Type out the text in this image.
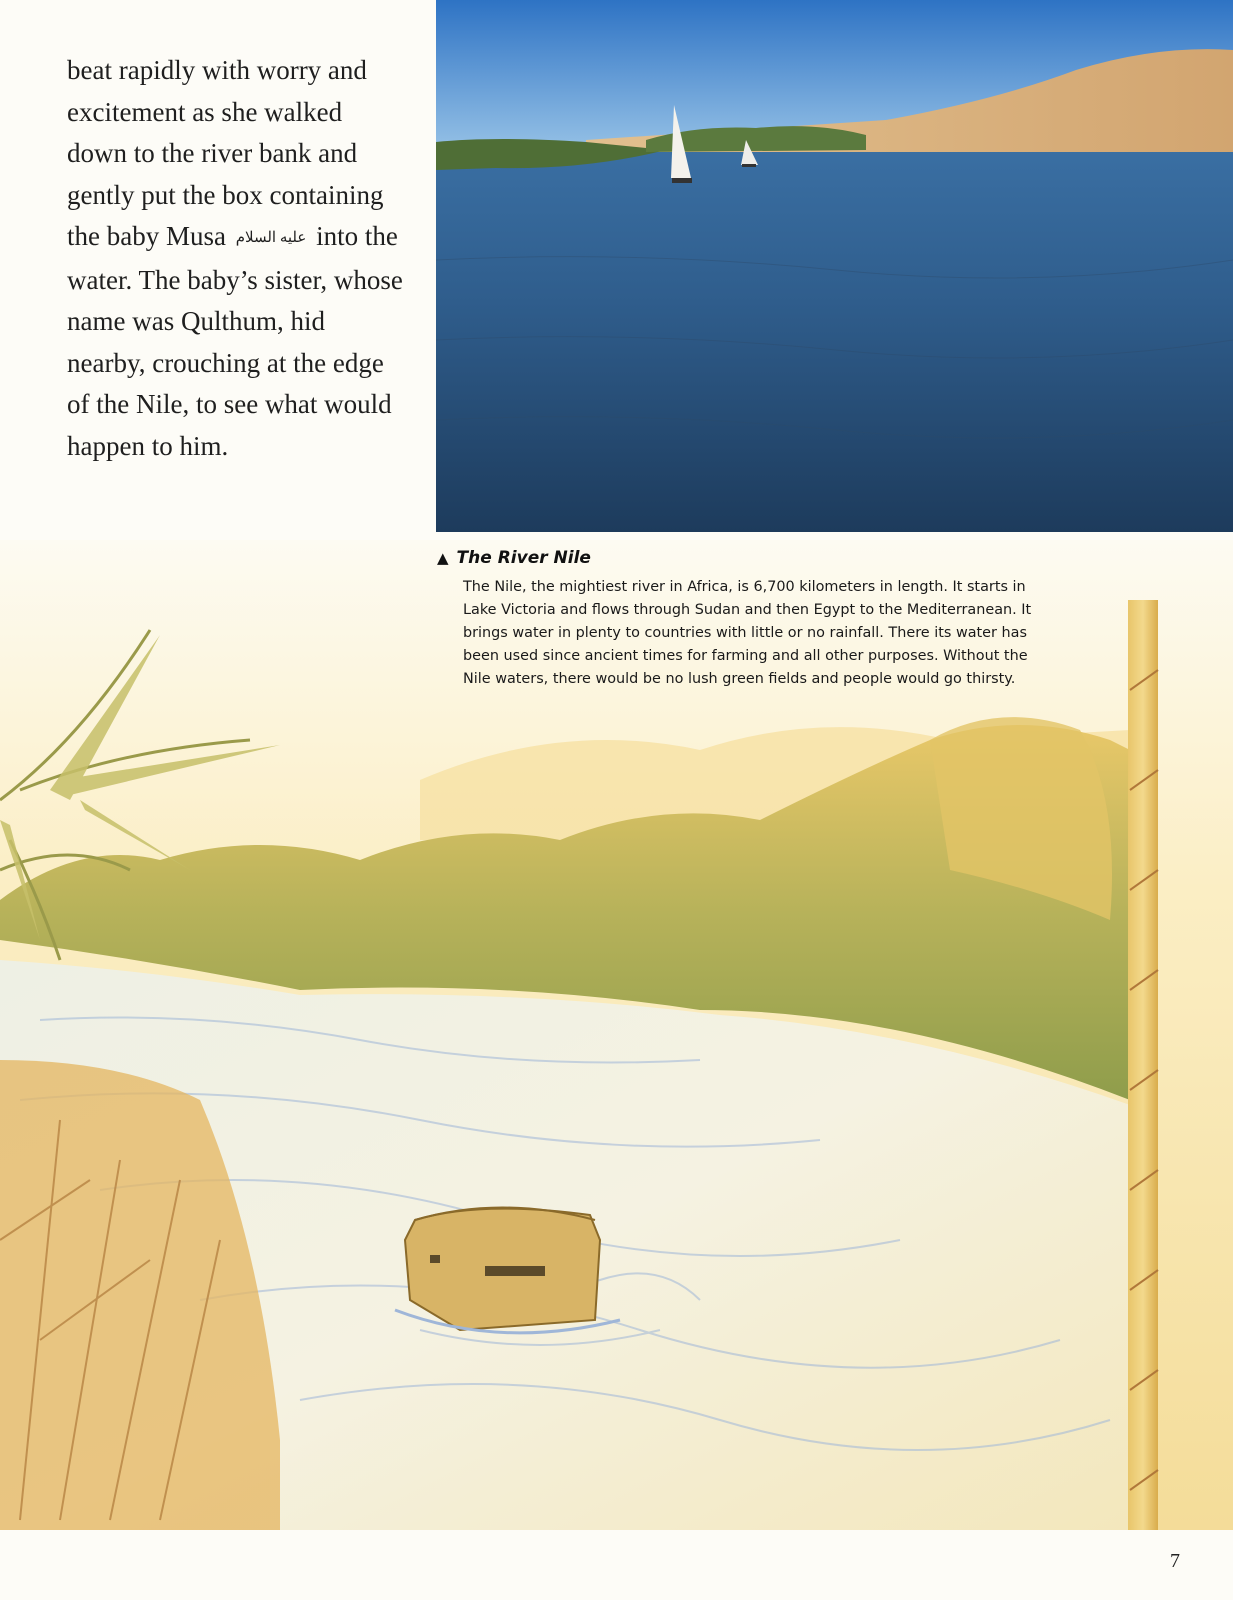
beat rapidly with worry and
excitement as she walked
down to the river bank and
gently put the box containing
the baby Musa عليه السلام into the
water. The baby’s sister, whose
name was Qulthum, hid
nearby, crouching at the edge
of the Nile, to see what would
happen to him.

▲ The River Nile

The Nile, the mightiest river in Africa, is 6,700 kilometers in length. It starts in
Lake Victoria and flows through Sudan and then Egypt to the Mediterranean. It
brings water in plenty to countries with little or no rainfall. There its water has
been used since ancient times for farming and all other purposes. Without the
Nile waters, there would be no lush green fields and people would go thirsty.

7
